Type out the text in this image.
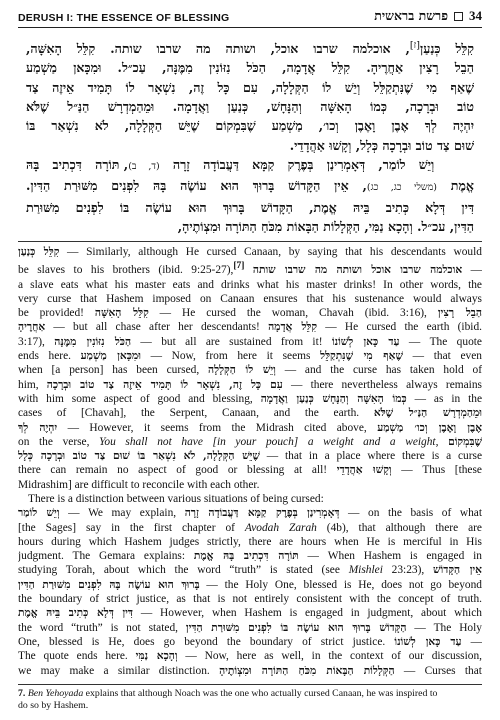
DERUSH I: THE ESSENCE OF BLESSING	פרשת בראשית 34
קִלֵּל כְּנַעַן[ז], אוכלמה שרבו אוכל, ושותה מה שרבו שותה. קִלֵּל הָאִשָּׁה,
הַבֵל רָצִין אַחֲרֶיהָ. קִלֵּל אֲדָמָה, הַכֹּל נִזּוֹנִין מִמֶּנָּה, עַכ״ל. וּמִכָּאן מַשְׁמַע
שֶׁאַף מִי שֶׁנִּתְקַלֵּל וְיֵשׁ לוֹ הַקְּלָלָה, עִם כָּל זֶה, נִשְׁאָר לוֹ תָּמִיד אֵיזֶה צַד
טוֹב וּבְרָכָה, כְּמוֹ הָאִשָּׁה וְהַנָּחָשׁ, כְּנַעַן וַאֲדָמָה. וּמֵהַמְדְרָשׁ הַנַּ״ל שֶׁלֹּא
יִהְיֶה לְךָ אֶבֶן וָאֶבֶן וְכו׳, מַשְׁמַע שֶׁבִּמְקוֹם שֶׁיֵּשׁ הַקְּלָלָה, לֹא נִשְׁאַר בּוֹ
שׁוּם צַד טוֹב וּבְרָכָה כְּלָל, וְקָשׁוּ אַהֲדָדֵי.
וְיֵשׁ לוֹמַר, דְּאָמְרִינַן בְּפֶרֶק קַמָּא דַּעֲבוֹדָה זָרָה (ד, ב), תּוֹרָה דִּכְתִיב בָּהּ
אֱמֶת (משלי כג, כג), אֵין הַקָּדוֹשׁ בָּרוּךְ הוּא עוֹשֶׂה בָּהּ לִפְנִים מִשּׁוּרַת הַדִּין.
דִּין דְּלָא כְּתִיב בֵּיהּ אֱמֶת, הַקָּדוֹשׁ בָּרוּךְ הוּא עוֹשֶׂה בּוֹ לִפְנִים מִשּׁוּרַת
הַדִּין, עכ״ל. וְהָכָא נַמִּי, הַקְּלָלוֹת הַבָּאוֹת מִכֹּחַ הַתּוֹרָה וּמִצְוֹתֶיהָ,
קִלֵּל כְּנַעַן — Similarly, although He cursed Canaan, by saying that his descendants would
be slaves to his brothers (ibid. 9:25-27),[7] אוכלמה שרבו אוכל ושותה מה שרבו שותה —
a slave eats what his master eats and drinks what his master drinks! In other words, the
very curse that Hashem imposed on Canaan ensures that his sustenance would always
be provided! קִלֵּל הָאִשָּׁה — He cursed the woman, Chavah (ibid. 3:16), הַבֵל רָצִין
אַחֲרֶיהָ — but all chase after her descendants! קִלֵּל אֲדָמָה — He cursed the earth (ibid.
3:17), הַכֹּל נִזּוֹנִין מִמֶּנָּה — but all are sustained from it! עַד כָּאן לְשׁוֹנוֹ — The quote
ends here. וּמִכָּאן מַשְׁמַע — Now, from here it seems שֶׁאַף מִי שֶׁנִּתְקַלֵּל — that even
when [a person] has been cursed, וְיֵשׁ לוֹ הַקְּלָלָה — and the curse has taken hold of
him, עִם כָּל זֶה, נִשְׁאָר לוֹ תָּמִיד אֵיזֶה צַד טוֹב וּבְרָכָה — there nevertheless always remains
with him some aspect of good and blessing, כְּמוֹ הָאִשָּׁה וְהַנָּחָשׁ כְּנַעַן וַאֲדָמָה — as in the
cases of [Chavah], the Serpent, Canaan, and the earth. וּמֵהַמְדְרָשׁ הַנַּ״ל שֶׁלֹּא
יִהְיֶה לְךָ — However, it seems from the Midrash cited above, אֶבֶן וָאֶבֶן וְכו׳ מַשְׁמַע
on the verse, You shall not have [in your pouch] a weight and a weight, שֶׁבִּמְקוֹם
שֶׁיֵּשׁ הַקְּלָלָה, לֹא נִשְׁאַר בּוֹ שׁוּם צַד טוֹב וּבְרָכָה כְּלָל — that in a place where there is a curse
there can remain no aspect of good or blessing at all! וְקָשׁוּ אַהֲדָדֵי — Thus [these
Midrashim] are difficult to reconcile with each other.
There is a distinction between various situations of being cursed:
וְיֵשׁ לוֹמַר — We may explain, דְּאָמְרִינַן בְּפֶרֶק קַמָּא דַּעֲבוֹדָה זָרָה — on the basis of what
[the Sages] say in the first chapter of Avodah Zarah (4b), that although there are
hours during which Hashem judges strictly, there are hours when He is merciful in His
judgment. The Gemara explains: תּוֹרָה דִּכְתִיב בָּהּ אֱמֶת — When Hashem is engaged in
studying Torah, about which the word “truth” is stated (see Mishlei 23:23), אֵין הַקָּדוֹשׁ
בָּרוּךְ הוּא עוֹשֶׂה בָּהּ לִפְנִים מִשּׁוּרַת הַדִּין — the Holy One, blessed is He, does not go beyond
the boundary of strict justice, as that is not entirely consistent with the concept of truth.
דִּין דְּלָא כְּתִיב בֵּיהּ אֱמֶת — However, when Hashem is engaged in judgment, about which
the word “truth” is not stated, הַקָּדוֹשׁ בָּרוּךְ הוּא עוֹשֶׂה בּוֹ לִפְנִים מִשּׁוּרַת הַדִּין — The Holy
One, blessed is He, does go beyond the boundary of strict justice. עַד כָּאן לְשׁוֹנוֹ —
The quote ends here. וְהָכָא נַמִּי — Now, here as well, in the context of our discussion,
we may make a similar distinction. הַקְּלָלוֹת הַבָּאוֹת מִכֹּחַ הַתּוֹרָה וּמִצְוֹתֶיהָ — Curses that
7. Ben Yehoyada explains that although Noach was the one who actually cursed Canaan, he was inspired to
do so by Hashem.
